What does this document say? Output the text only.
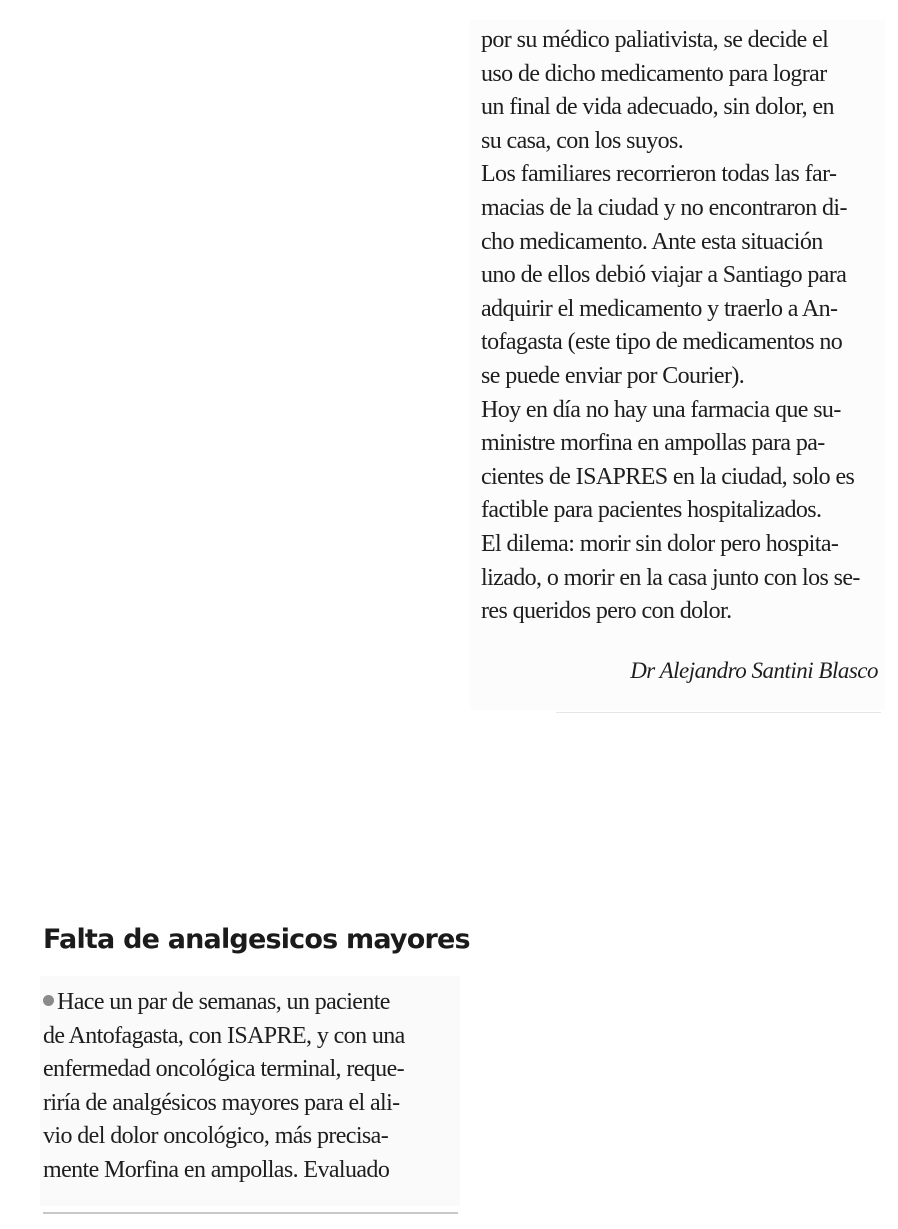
por su médico paliativista, se decide el
uso de dicho medicamento para lograr
un final de vida adecuado, sin dolor, en
su casa, con los suyos.
Los familiares recorrieron todas las far-
macias de la ciudad y no encontraron di-
cho medicamento. Ante esta situación
uno de ellos debió viajar a Santiago para
adquirir el medicamento y traerlo a An-
tofagasta (este tipo de medicamentos no
se puede enviar por Courier).
Hoy en día no hay una farmacia que su-
ministre morfina en ampollas para pa-
cientes de ISAPRES en la ciudad, solo es
factible para pacientes hospitalizados.
El dilema: morir sin dolor pero hospita-
lizado, o morir en la casa junto con los se-
res queridos pero con dolor.
Dr Alejandro Santini Blasco
Falta de analgesicos mayores
Hace un par de semanas, un paciente
de Antofagasta, con ISAPRE, y con una
enfermedad oncológica terminal, reque-
riría de analgésicos mayores para el ali-
vio del dolor oncológico, más precisa-
mente Morfina en ampollas. Evaluado
